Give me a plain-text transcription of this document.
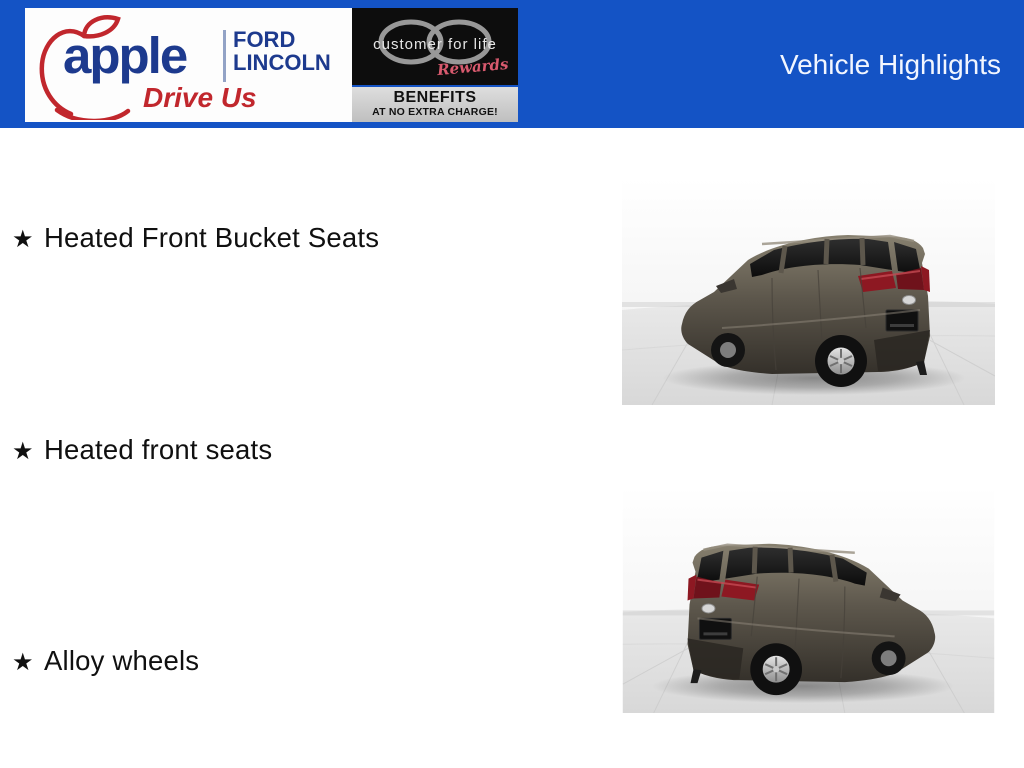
apple FORD
LINCOLN
Drive Us
customer for life
Rewards
BENEFITS
AT NO EXTRA CHARGE!
Vehicle Highlights
★ Heated Front Bucket Seats
★ Heated front seats
★ Alloy wheels
